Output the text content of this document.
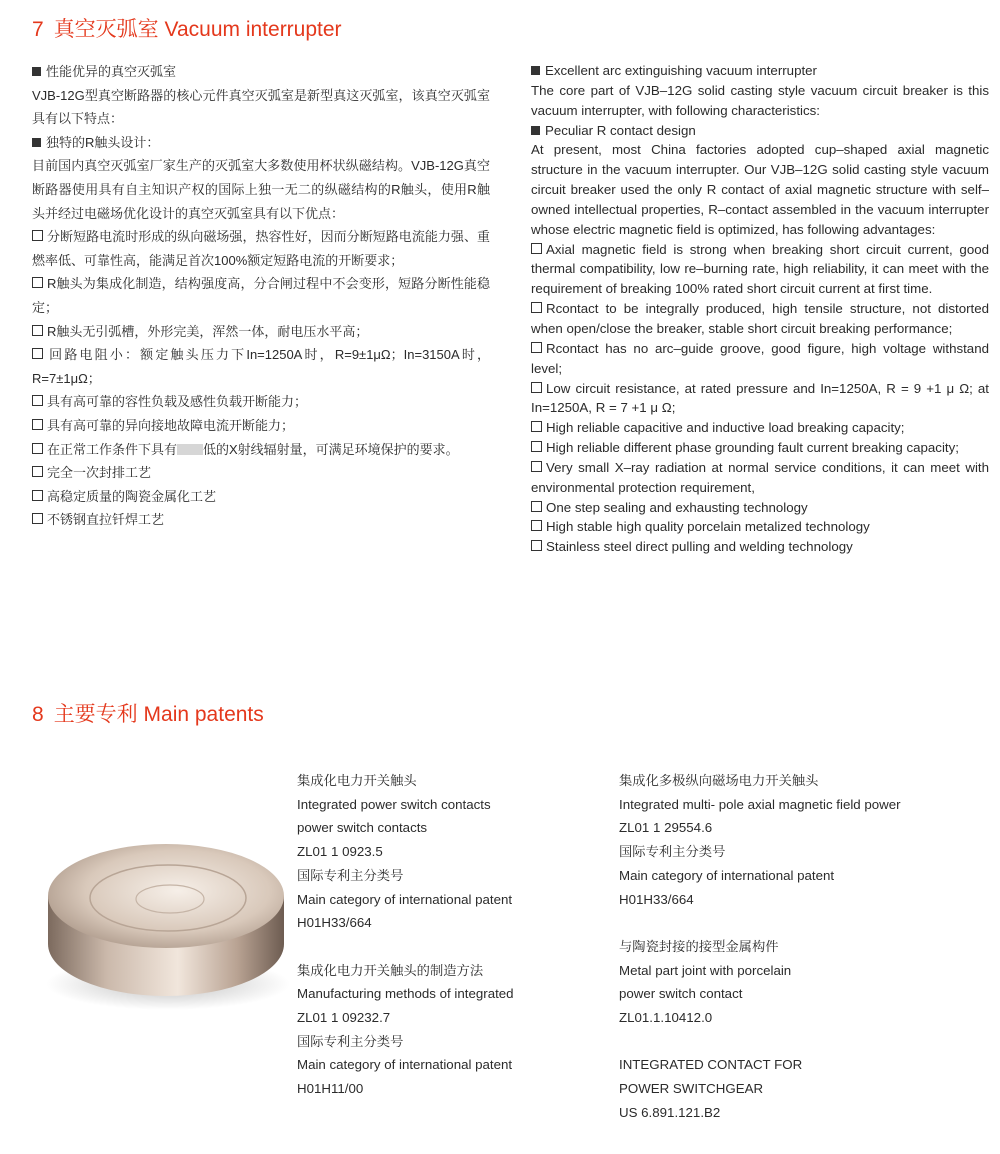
7 真空灭弧室 Vacuum interrupter

性能优异的真空灭弧室

VJB-12G型真空断路器的核心元件真空灭弧室是新型真这灭弧室，该真空灭弧室具有以下特点：

独特的R触头设计：

目前国内真空灭弧室厂家生产的灭弧室大多数使用杯状纵磁结构。VJB-12G真空断路器使用具有自主知识产权的国际上独一无二的纵磁结构的R触头，使用R触头并经过电磁场优化设计的真空灭弧室具有以下优点：

分断短路电流时形成的纵向磁场强，热容性好，因而分断短路电流能力强、重燃率低、可靠性高，能满足首次100%额定短路电流的开断要求；

R触头为集成化制造，结构强度高，分合闸过程中不会变形，短路分断性能稳定；

R触头无引弧槽，外形完美，浑然一体，耐电压水平高；

回路电阻小：额定触头压力下In=1250A时，R=9±1μΩ；In=3150A时，R=7±1μΩ；

具有高可靠的容性负载及感性负载开断能力；

具有高可靠的异向接地故障电流开断能力；

在正常工作条件下具有 低的X射线辐射量，可满足环境保护的要求。

完全一次封排工艺

高稳定质量的陶瓷金属化工艺

不锈钢直拉钎焊工艺

Excellent arc extinguishing vacuum interrupter

The core part of VJB–12G solid casting style vacuum circuit breaker is this vacuum interrupter, with following characteristics:

Peculiar R contact design

At present, most China factories adopted cup–shaped axial magnetic structure in the vacuum interrupter. Our VJB–12G solid casting style vacuum circuit breaker used the only R contact of axial magnetic structure with self–owned intellectual properties, R–contact assembled in the vacuum interrupter whose electric magnetic field is optimized, has following advantages:

Axial magnetic field is strong when breaking short circuit current, good thermal compatibility, low re–burning rate, high reliability, it can meet with the requirement of breaking 100% rated short circuit current at first time.

Rcontact to be integrally produced, high tensile structure, not distorted when open/close the breaker, stable short circuit breaking performance;

Rcontact has no arc–guide groove, good figure, high voltage withstand level;

Low circuit resistance, at rated pressure and In=1250A, R = 9 +1 μ Ω; at In=1250A, R = 7 +1 μ Ω;

High reliable capacitive and inductive load breaking capacity;

High reliable different phase grounding fault current breaking capacity;

Very small X–ray radiation at normal service conditions, it can meet with environmental protection requirement,

One step sealing and exhausting technology

High stable high quality porcelain metalized technology

Stainless steel direct pulling and welding technology

8 主要专利 Main patents

集成化电力开关触头

Integrated power switch contacts

power switch contacts

ZL01 1 0923.5

国际专利主分类号

Main category of international patent

H01H33/664

集成化电力开关触头的制造方法

Manufacturing methods of integrated

ZL01 1 09232.7

国际专利主分类号

Main category of international patent

H01H11/00

集成化多极纵向磁场电力开关触头

Integrated multi- pole axial magnetic field power

ZL01 1 29554.6

国际专利主分类号

Main category of international patent

H01H33/664

与陶瓷封接的接型金属构件

Metal part joint with porcelain

power switch contact

ZL01.1.10412.0

INTEGRATED CONTACT FOR

POWER SWITCHGEAR

US 6.891.121.B2
